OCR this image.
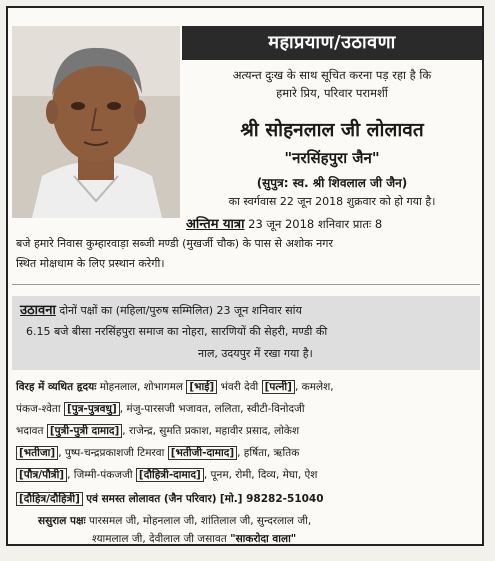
महाप्रयाण/उठावणा
अत्यन्त दुःख के साथ सूचित करना पड़ रहा है कि
हमारे प्रिय, परिवार परामर्शी
श्री सोहनलाल जी लोलावत
"नरसिंहपुरा जैन"
(सुपुत्र: स्व. श्री शिवलाल जी जैन)
का स्वर्गवास 22 जून 2018 शुक्रवार को हो गया है।
अन्तिम यात्रा 23 जून 2018 शनिवार प्रातः 8
बजे हमारे निवास कुम्हारवाड़ा सब्जी मण्डी (मुखर्जी चौक) के पास से अशोक नगर
स्थित मोक्षधाम के लिए प्रस्थान करेगी।
उठावना दोनों पक्षों का (महिला/पुरुष सम्मिलित) 23 जून शनिवार सांय
6.15 बजे बीसा नरसिंहपुरा समाज का नोहरा, सारणियों की सेहरी, मण्डी की
नाल, उदयपुर में रखा गया है।
विरह में व्यथित हृदयः मोहनलाल, शोभागमल [भाई] भंवरी देवी [पत्नी] , कमलेश,
पंकज-श्वेता [पुत्र-पुत्रवधु] , मंजु-पारसजी भजावत, ललिता, स्वीटी-विनोदजी
भदावत [पुत्री-पुत्री दामाद] , राजेन्द्र, सुमति प्रकाश, महावीर प्रसाद, लोकेश
[भतीजा] , पुष्प-चन्द्रप्रकाशजी टिमरवा [भतीजी-दामाद] , हर्षिता, ऋतिक
[पौत्र/पौत्री] , जिम्मी-पंकजजी [दौहित्री-दामाद] , पूनम, रोमी, दिव्य, मेघा, ऐश
[दौहित्र/दौहित्री] एवं समस्त लोलावत (जैन परिवार) [मो.] 98282-51040
ससुराल पक्षः पारसमल जी, मोहनलाल जी, शांतिलाल जी, सुन्दरलाल जी,
श्यामलाल जी, देवीलाल जी जसावत "साकरोदा वाला"
